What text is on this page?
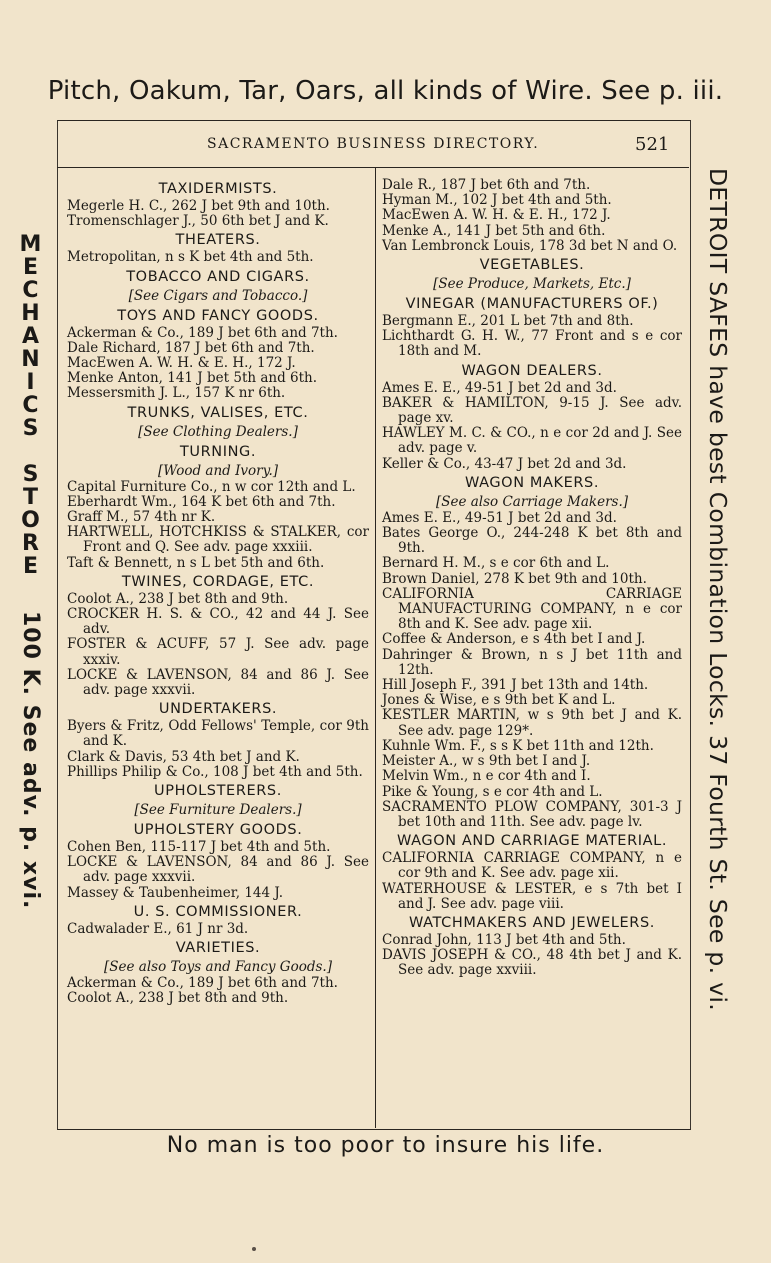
Pitch, Oakum, Tar, Oars, all kinds of Wire. See p. iii.
SACRAMENTO BUSINESS DIRECTORY.	521
TAXIDERMISTS.
Megerle H. C., 262 J bet 9th and 10th.
Tromenschlager J., 50 6th bet J and K.
THEATERS.
Metropolitan, n s K bet 4th and 5th.
TOBACCO AND CIGARS.
[See Cigars and Tobacco.]
TOYS AND FANCY GOODS.
Ackerman & Co., 189 J bet 6th and 7th.
Dale Richard, 187 J bet 6th and 7th.
MacEwen A. W. H. & E. H., 172 J.
Menke Anton, 141 J bet 5th and 6th.
Messersmith J. L., 157 K nr 6th.
TRUNKS, VALISES, ETC.
[See Clothing Dealers.]
TURNING.
[Wood and Ivory.]
Capital Furniture Co., n w cor 12th and L.
Eberhardt Wm., 164 K bet 6th and 7th.
Graff M., 57 4th nr K.
HARTWELL, HOTCHKISS & STALKER, cor Front and Q. See adv. page xxxiii.
Taft & Bennett, n s L bet 5th and 6th.
TWINES, CORDAGE, ETC.
Coolot A., 238 J bet 8th and 9th.
CROCKER H. S. & CO., 42 and 44 J. See adv.
FOSTER & ACUFF, 57 J. See adv. page xxxiv.
LOCKE & LAVENSON, 84 and 86 J. See adv. page xxxvii.
UNDERTAKERS.
Byers & Fritz, Odd Fellows' Temple, cor 9th and K.
Clark & Davis, 53 4th bet J and K.
Phillips Philip & Co., 108 J bet 4th and 5th.
UPHOLSTERERS.
[See Furniture Dealers.]
UPHOLSTERY GOODS.
Cohen Ben, 115-117 J bet 4th and 5th.
LOCKE & LAVENSON, 84 and 86 J. See adv. page xxxvii.
Massey & Taubenheimer, 144 J.
U. S. COMMISSIONER.
Cadwalader E., 61 J nr 3d.
VARIETIES.
[See also Toys and Fancy Goods.]
Ackerman & Co., 189 J bet 6th and 7th.
Coolot A., 238 J bet 8th and 9th.
Dale R., 187 J bet 6th and 7th.
Hyman M., 102 J bet 4th and 5th.
MacEwen A. W. H. & E. H., 172 J.
Menke A., 141 J bet 5th and 6th.
Van Lembronck Louis, 178 3d bet N and O.
VEGETABLES.
[See Produce, Markets, Etc.]
VINEGAR (MANUFACTURERS OF.)
Bergmann E., 201 L bet 7th and 8th.
Lichthardt G. H. W., 77 Front and s e cor 18th and M.
WAGON DEALERS.
Ames E. E., 49-51 J bet 2d and 3d.
BAKER & HAMILTON, 9-15 J. See adv. page xv.
HAWLEY M. C. & CO., n e cor 2d and J. See adv. page v.
Keller & Co., 43-47 J bet 2d and 3d.
WAGON MAKERS.
[See also Carriage Makers.]
Ames E. E., 49-51 J bet 2d and 3d.
Bates George O., 244-248 K bet 8th and 9th.
Bernard H. M., s e cor 6th and L.
Brown Daniel, 278 K bet 9th and 10th.
CALIFORNIA CARRIAGE MANUFACTURING COMPANY, n e cor 8th and K. See adv. page xii.
Coffee & Anderson, e s 4th bet I and J.
Dahringer & Brown, n s J bet 11th and 12th.
Hill Joseph F., 391 J bet 13th and 14th.
Jones & Wise, e s 9th bet K and L.
KESTLER MARTIN, w s 9th bet J and K. See adv. page 129*.
Kuhnle Wm. F., s s K bet 11th and 12th.
Meister A., w s 9th bet I and J.
Melvin Wm., n e cor 4th and I.
Pike & Young, s e cor 4th and L.
SACRAMENTO PLOW COMPANY, 301-3 J bet 10th and 11th. See adv. page lv.
WAGON AND CARRIAGE MATERIAL.
CALIFORNIA CARRIAGE COMPANY, n e cor 9th and K. See adv. page xii.
WATERHOUSE & LESTER, e s 7th bet I and J. See adv. page viii.
WATCHMAKERS AND JEWELERS.
Conrad John, 113 J bet 4th and 5th.
DAVIS JOSEPH & CO., 48 4th bet J and K. See adv. page xxviii.
MECHANICS STORE100 K. See adv. p. xvi.	DETROIT SAFES have best Combination Locks. 37 Fourth St. See p. vi.
No man is too poor to insure his life.
